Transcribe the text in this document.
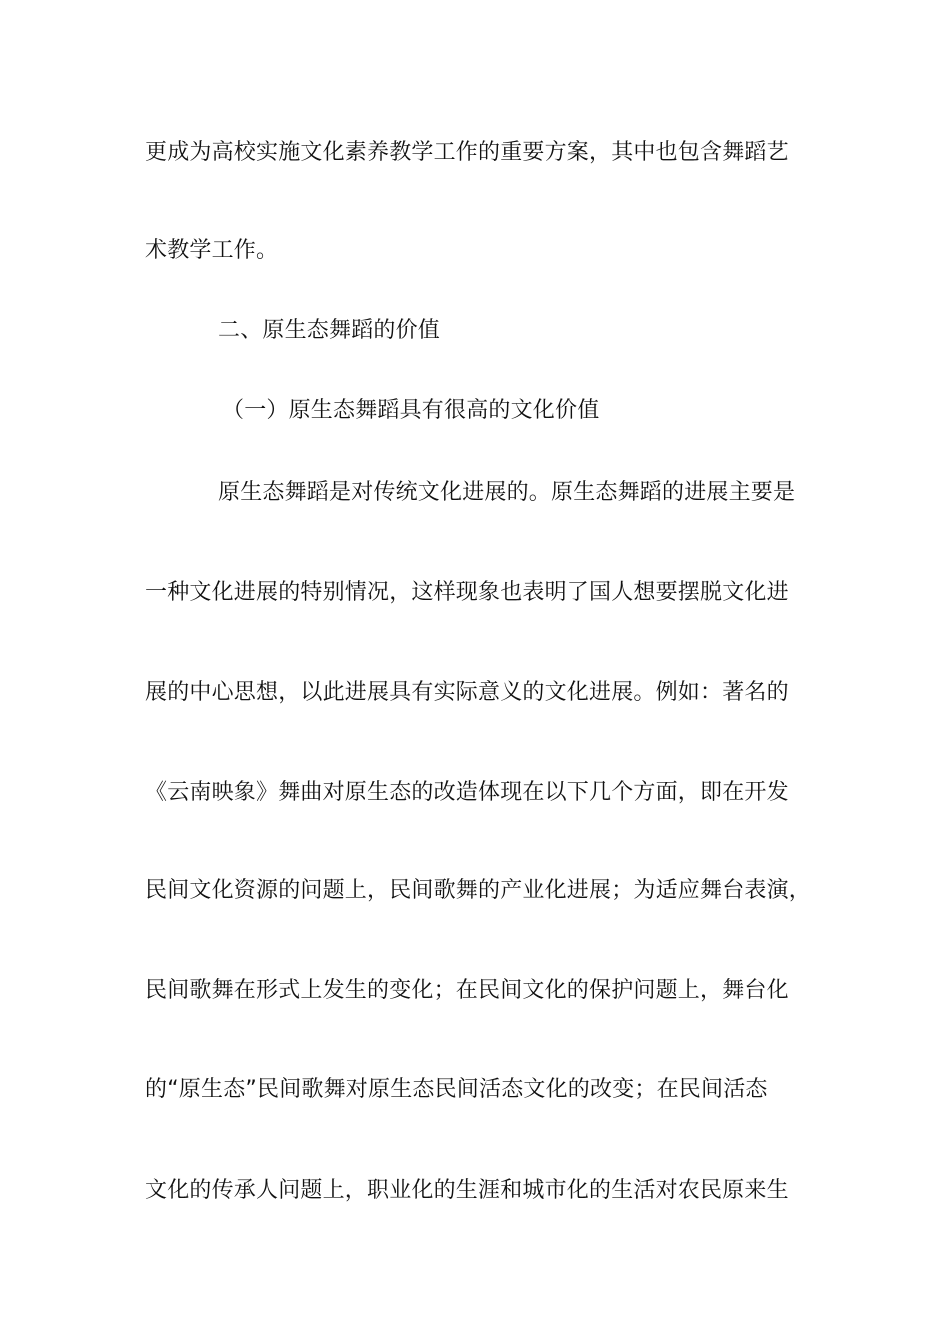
更成为高校实施文化素养教学工作的重要方案，其中也包含舞蹈艺
术教学工作。
二、原生态舞蹈的价值
（一）原生态舞蹈具有很高的文化价值
原生态舞蹈是对传统文化进展的。原生态舞蹈的进展主要是
一种文化进展的特别情况，这样现象也表明了国人想要摆脱文化进
展的中心思想，以此进展具有实际意义的文化进展。例如：著名的
《云南映象》舞曲对原生态的改造体现在以下几个方面，即在开发
民间文化资源的问题上，民间歌舞的产业化进展；为适应舞台表演，
民间歌舞在形式上发生的变化；在民间文化的保护问题上，舞台化
的“原生态”民间歌舞对原生态民间活态文化的改变；在民间活态
文化的传承人问题上，职业化的生涯和城市化的生活对农民原来生
